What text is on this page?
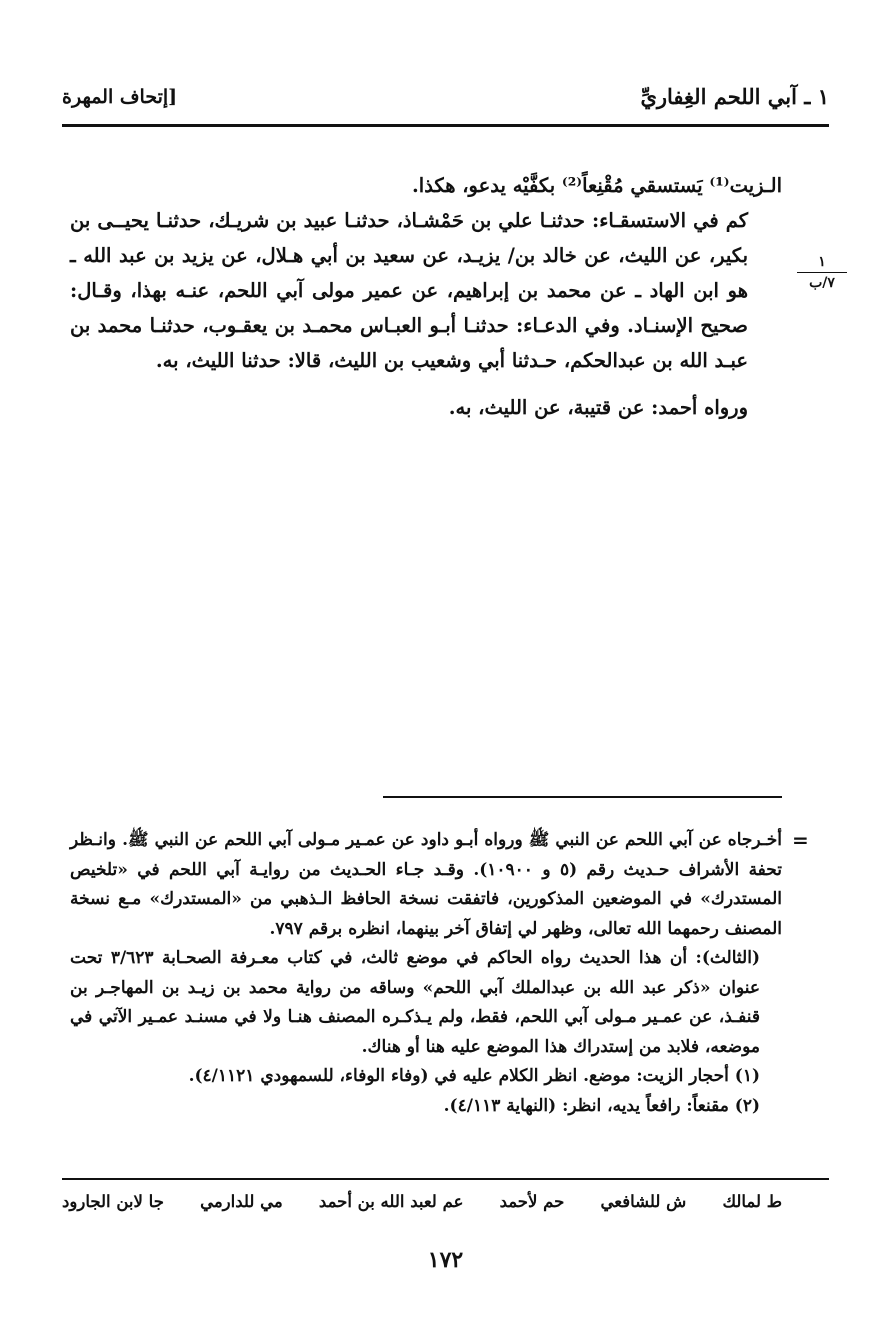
١ ـ آبي اللحم الغِفاريِّ
[إتحاف المهرة
١
٧/ب

الـزيت⁽¹⁾ يَستسقي مُقْنِعاً⁽²⁾ بكفَّيْه يدعو، هكذا.

كم في الاستسقـاء: حدثنـا علي بن حَمْشـاذ، حدثنـا عبيد بن شريـك، حدثنـا يحيــى بن بكير، عن الليث، عن خالد بن/ يزيـد، عن سعيد بن أبي هـلال، عن يزيد بن عبد الله ـ هو ابن الهاد ـ عن محمد بن إبراهيم، عن عمير مولى آبي اللحم، عنـه بهذا، وقـال: صحيح الإسنـاد. وفي الدعـاء: حدثنـا أبـو العبـاس محمـد بن يعقـوب، حدثنـا محمد بن عبـد الله بن عبدالحكم، حـدثنا أبي وشعيب بن الليث، قالا: حدثنا الليث، به.

ورواه أحمد: عن قتيبة، عن الليث، به.

=

أخـرجاه عن آبي اللحم عن النبي ﷺ ورواه أبـو داود عن عمـير مـولى آبي اللحم عن النبي ﷺ. وانـظر تحفة الأشراف حـديث رقم (٥ و ١٠٩٠٠). وقـد جـاء الحـديث من روايـة آبي اللحم في «تلخيص المستدرك» في الموضعين المذكورين، فاتفقت نسخة الحافظ الـذهبي من «المستدرك» مـع نسخة المصنف رحمهما الله تعالى، وظهر لي إتفاق آخر بينهما، انظره برقم ٧٩٧.

(الثالث): أن هذا الحديث رواه الحاكم في موضع ثالث، في كتاب معـرفة الصحـابة ٣/٦٢٣ تحت عنوان «ذكر عبد الله بن عبدالملك آبي اللحم» وساقه من رواية محمد بن زيـد بن المهاجـر بن قنفـذ، عن عمـير مـولى آبي اللحم، فقط، ولم يـذكـره المصنف هنـا ولا في مسنـد عمـير الآتي في موضعه، فلابد من إستدراك هذا الموضع عليه هنا أو هناك.

(١) أحجار الزيت: موضع. انظر الكلام عليه في (وفاء الوفاء، للسمهودي ٤/١١٢١).

(٢) مقنعاً: رافعاً يديه، انظر: (النهاية ٤/١١٣).

ط لمالك
ش للشافعي
حم لأحمد
عم لعبد الله بن أحمد
مي للدارمي
جا لابن الجارود
١٧٢
